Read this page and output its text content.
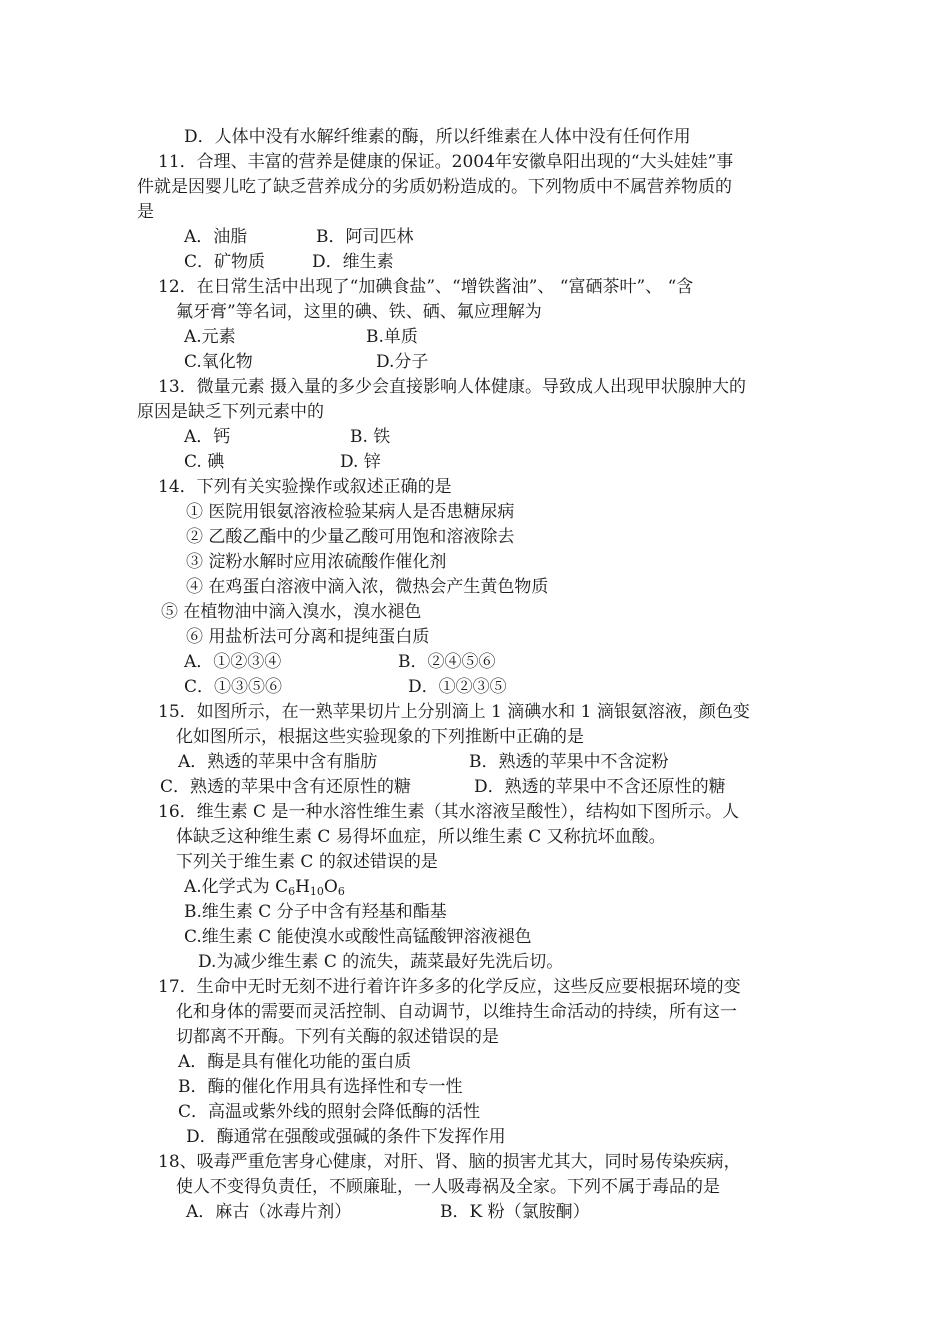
D．人体中没有水解纤维素的酶，所以纤维素在人体中没有任何作用
11．合理、丰富的营养是健康的保证。2004年安徽阜阳出现的“大头娃娃”事
件就是因婴儿吃了缺乏营养成分的劣质奶粉造成的。下列物质中不属营养物质的
是
A．油脂	B．阿司匹林
C．矿物质	D．维生素
12．在日常生活中出现了“加碘食盐”、“增铁酱油”、 “富硒茶叶”、 “含
氟牙膏”等名词，这里的碘、铁、硒、氟应理解为
A.元素	B.单质
C.氧化物	D.分子
13．微量元素 摄入量的多少会直接影响人体健康。导致成人出现甲状腺肿大的
原因是缺乏下列元素中的
A．钙	B. 铁
C. 碘	D. 锌
14．下列有关实验操作或叙述正确的是
① 医院用银氨溶液检验某病人是否患糖尿病
② 乙酸乙酯中的少量乙酸可用饱和溶液除去
③ 淀粉水解时应用浓硫酸作催化剂
④ 在鸡蛋白溶液中滴入浓，微热会产生黄色物质
⑤ 在植物油中滴入溴水，溴水褪色
⑥ 用盐析法可分离和提纯蛋白质
A．①②③④	B．②④⑤⑥
C．①③⑤⑥	D．①②③⑤
15．如图所示，在一熟苹果切片上分别滴上 1 滴碘水和 1 滴银氨溶液，颜色变
化如图所示，根据这些实验现象的下列推断中正确的是
A．熟透的苹果中含有脂肪	B．熟透的苹果中不含淀粉
C．熟透的苹果中含有还原性的糖	D．熟透的苹果中不含还原性的糖
16．维生素 C 是一种水溶性维生素（其水溶液呈酸性），结构如下图所示。人
体缺乏这种维生素 C 易得坏血症，所以维生素 C 又称抗坏血酸。
下列关于维生素 C 的叙述错误的是
A.化学式为 $C_6H_{10}O_6$
B.维生素 C 分子中含有羟基和酯基
C.维生素 C 能使溴水或酸性高锰酸钾溶液褪色
D.为减少维生素 C 的流失，蔬菜最好先洗后切。
17．生命中无时无刻不进行着许许多多的化学反应，这些反应要根据环境的变
化和身体的需要而灵活控制、自动调节，以维持生命活动的持续，所有这一
切都离不开酶。下列有关酶的叙述错误的是
A．酶是具有催化功能的蛋白质
B．酶的催化作用具有选择性和专一性
C．高温或紫外线的照射会降低酶的活性
D．酶通常在强酸或强碱的条件下发挥作用
18、吸毒严重危害身心健康，对肝、肾、脑的损害尤其大，同时易传染疾病，
使人不变得负责任，不顾廉耻，一人吸毒祸及全家。下列不属于毒品的是
A．麻古（冰毒片剂）	B．K 粉（氯胺酮）
